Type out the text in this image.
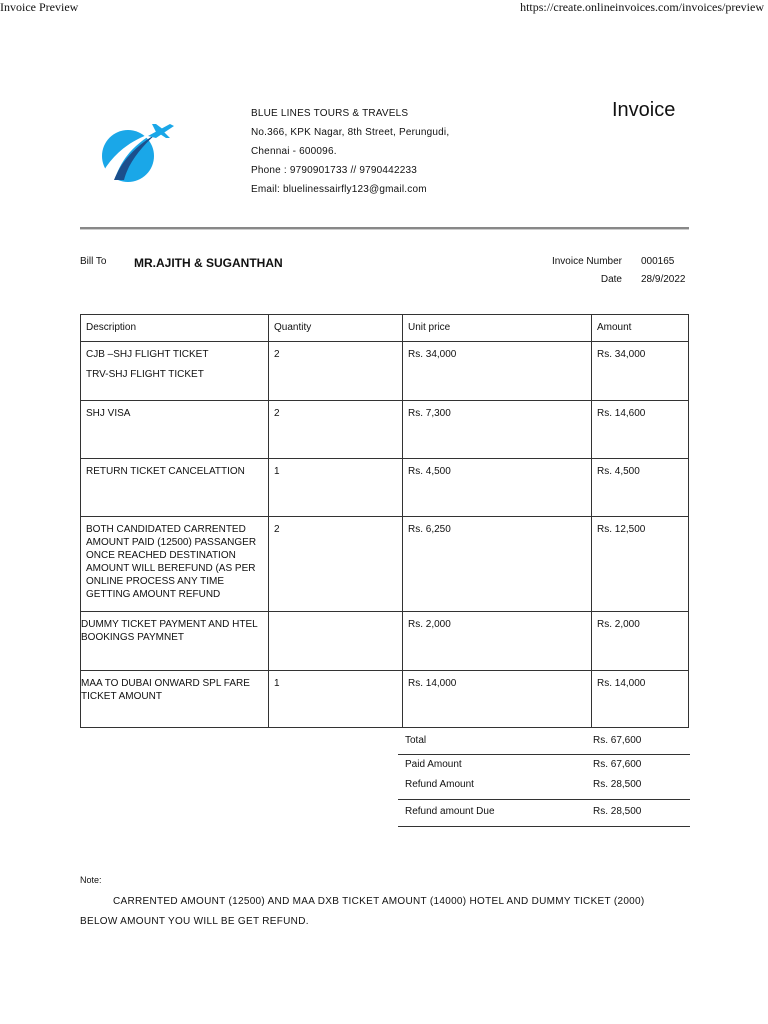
Invoice Preview	https://create.onlineinvoices.com/invoices/preview
BLUE LINES TOURS & TRAVELS
No.366, KPK Nagar, 8th Street, Perungudi,
Chennai - 600096.
Phone : 9790901733 // 9790442233
Email: bluelinessairfly123@gmail.com
Invoice
Bill To MR.AJITH & SUGANTHAN	Invoice Number 000165
Date 28/9/2022
Description	Quantity	Unit price	Amount

CJB –SHJ FLIGHT TICKET
TRV-SHJ FLIGHT TICKET	2	Rs. 34,000	Rs. 34,000
SHJ VISA	2	Rs. 7,300	Rs. 14,600
RETURN TICKET CANCELATTION	1	Rs. 4,500	Rs. 4,500
BOTH CANDIDATED CARRENTED AMOUNT PAID (12500) PASSANGER ONCE REACHED DESTINATION AMOUNT WILL BEREFUND (AS PER ONLINE PROCESS ANY TIME GETTING AMOUNT REFUND	2	Rs. 6,250	Rs. 12,500
DUMMY TICKET PAYMENT AND HTEL BOOKINGS PAYMNET		Rs. 2,000	Rs. 2,000
MAA TO DUBAI ONWARD SPL FARE TICKET AMOUNT	1	Rs. 14,000	Rs. 14,000
Total	Rs. 67,600
Paid Amount	Rs. 67,600
Refund Amount	Rs. 28,500
Refund amount Due	Rs. 28,500
Note:
CARRENTED AMOUNT (12500) AND MAA DXB TICKET AMOUNT (14000) HOTEL AND DUMMY TICKET (2000)
BELOW AMOUNT YOU WILL BE GET REFUND.
